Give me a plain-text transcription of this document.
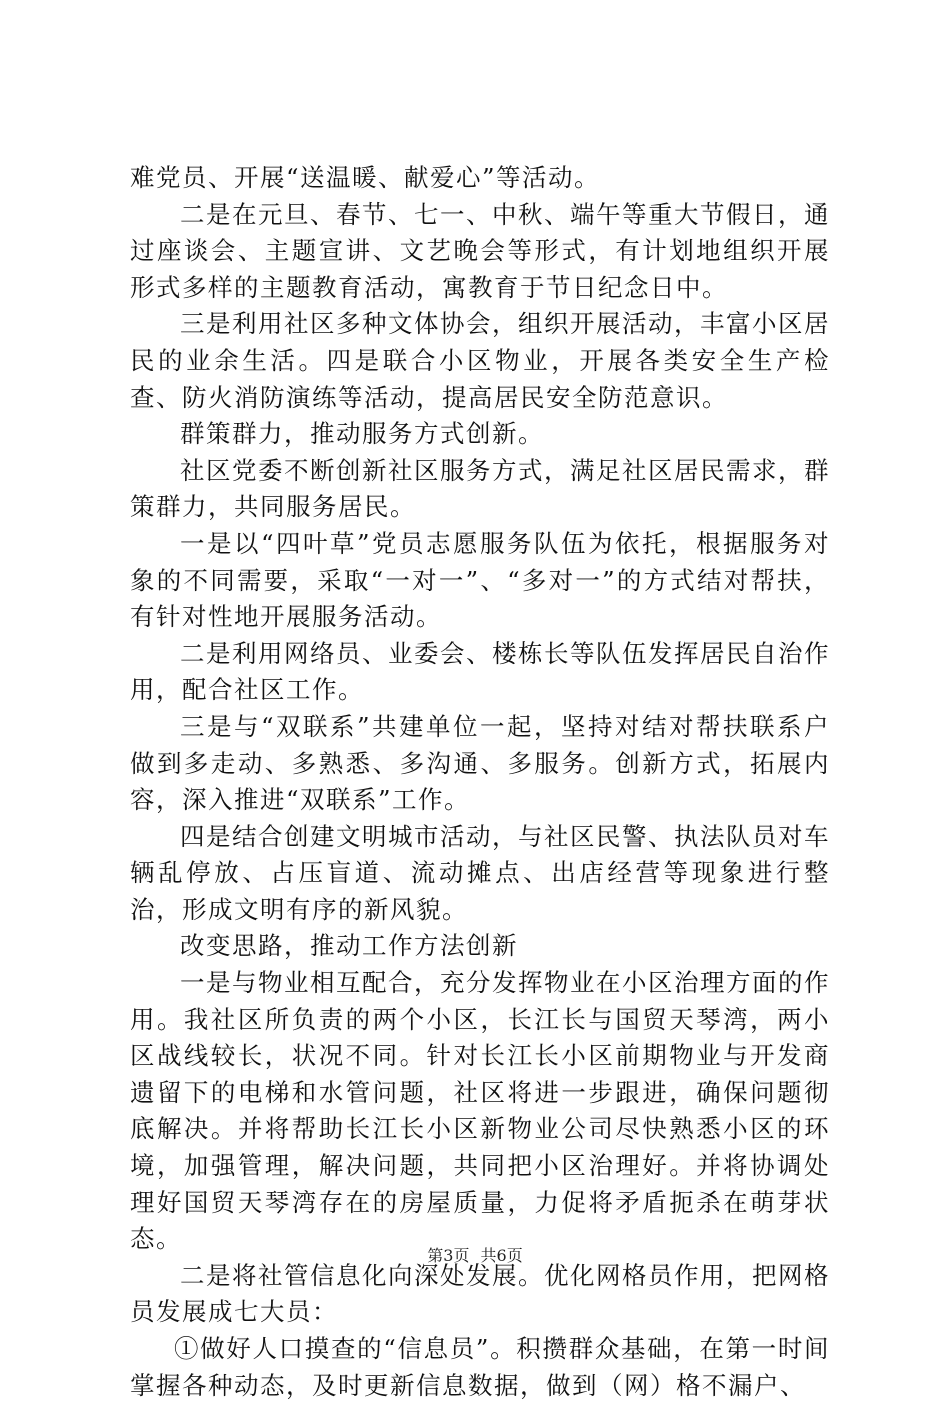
难党员、开展“送温暖、献爱心”等活动。

二是在元旦、春节、七一、中秋、端午等重大节假日，通过座谈会、主题宣讲、文艺晚会等形式，有计划地组织开展形式多样的主题教育活动，寓教育于节日纪念日中。

三是利用社区多种文体协会，组织开展活动，丰富小区居民的业余生活。四是联合小区物业，开展各类安全生产检查、防火消防演练等活动，提高居民安全防范意识。

群策群力，推动服务方式创新。

社区党委不断创新社区服务方式，满足社区居民需求，群策群力，共同服务居民。

一是以“四叶草”党员志愿服务队伍为依托，根据服务对象的不同需要，采取“一对一”、“多对一”的方式结对帮扶，有针对性地开展服务活动。

二是利用网络员、业委会、楼栋长等队伍发挥居民自治作用，配合社区工作。

三是与“双联系”共建单位一起，坚持对结对帮扶联系户做到多走动、多熟悉、多沟通、多服务。创新方式，拓展内容，深入推进“双联系”工作。

四是结合创建文明城市活动，与社区民警、执法队员对车辆乱停放、占压盲道、流动摊点、出店经营等现象进行整治，形成文明有序的新风貌。

改变思路，推动工作方法创新

一是与物业相互配合，充分发挥物业在小区治理方面的作用。我社区所负责的两个小区，长江长与国贸天琴湾，两小区战线较长，状况不同。针对长江长小区前期物业与开发商遗留下的电梯和水管问题，社区将进一步跟进，确保问题彻底解决。并将帮助长江长小区新物业公司尽快熟悉小区的环境，加强管理，解决问题，共同把小区治理好。并将协调处理好国贸天琴湾存在的房屋质量，力促将矛盾扼杀在萌芽状态。

二是将社管信息化向深处发展。优化网格员作用，把网格员发展成七大员：

①做好人口摸查的“信息员”。积攒群众基础，在第一时间掌握各种动态，及时更新信息数据，做到（网）格不漏户、

第3页 共6页
